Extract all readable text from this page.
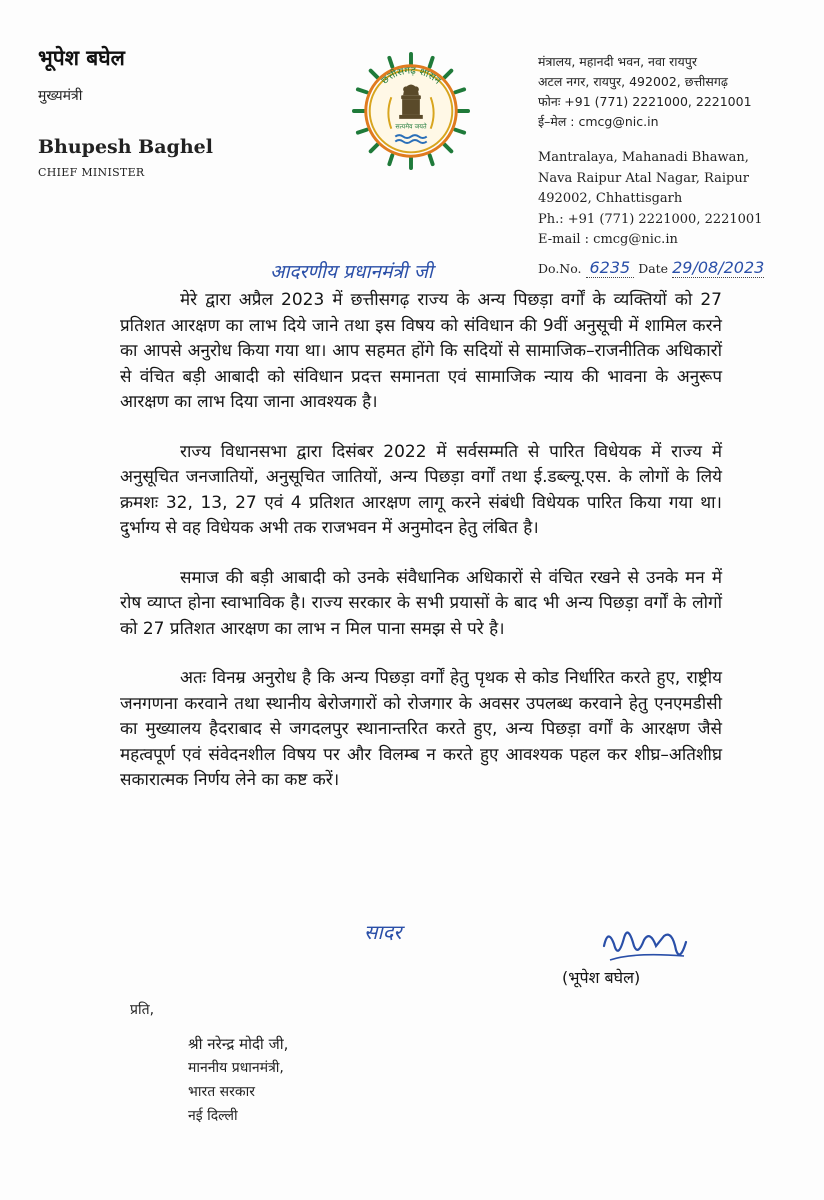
भूपेश बघेल
मुख्यमंत्री
Bhupesh Baghel
CHIEF MINISTER
छत्तीसगढ़ शासन
सत्यमेव जयते
मंत्रालय, महानदी भवन, नवा रायपुर
अटल नगर, रायपुर, 492002, छत्तीसगढ़
फोनः +91 (771) 2221000, 2221001
ई–मेल : cmcg@nic.in
Mantralaya, Mahanadi Bhawan,
Nava Raipur Atal Nagar, Raipur
492002, Chhattisgarh
Ph.: +91 (771) 2221000, 2221001
E-mail : cmcg@nic.in
Do.No. 6235 Date 29/08/2023
आदरणीय प्रधानमंत्री जी

मेरे द्वारा अप्रैल 2023 में छत्तीसगढ़ राज्य के अन्य पिछड़ा वर्गों के व्यक्तियों को 27 प्रतिशत आरक्षण का लाभ दिये जाने तथा इस विषय को संविधान की 9वीं अनुसूची में शामिल करने का आपसे अनुरोध किया गया था। आप सहमत होंगे कि सदियों से सामाजिक–राजनीतिक अधिकारों से वंचित बड़ी आबादी को संविधान प्रदत्त समानता एवं सामाजिक न्याय की भावना के अनुरूप आरक्षण का लाभ दिया जाना आवश्यक है।

राज्य विधानसभा द्वारा दिसंबर 2022 में सर्वसम्मति से पारित विधेयक में राज्य में अनुसूचित जनजातियों, अनुसूचित जातियों, अन्य पिछड़ा वर्गों तथा ई.डब्ल्यू.एस. के लोगों के लिये क्रमशः 32, 13, 27 एवं 4 प्रतिशत आरक्षण लागू करने संबंधी विधेयक पारित किया गया था। दुर्भाग्य से वह विधेयक अभी तक राजभवन में अनुमोदन हेतु लंबित है।

समाज की बड़ी आबादी को उनके संवैधानिक अधिकारों से वंचित रखने से उनके मन में रोष व्याप्त होना स्वाभाविक है। राज्य सरकार के सभी प्रयासों के बाद भी अन्य पिछड़ा वर्गों के लोगों को 27 प्रतिशत आरक्षण का लाभ न मिल पाना समझ से परे है।

अतः विनम्र अनुरोध है कि अन्य पिछड़ा वर्गों हेतु पृथक से कोड निर्धारित करते हुए, राष्ट्रीय जनगणना करवाने तथा स्थानीय बेरोजगारों को रोजगार के अवसर उपलब्ध करवाने हेतु एनएमडीसी का मुख्यालय हैदराबाद से जगदलपुर स्थानान्तरित करते हुए, अन्य पिछड़ा वर्गों के आरक्षण जैसे महत्वपूर्ण एवं संवेदनशील विषय पर और विलम्ब न करते हुए आवश्यक पहल कर शीघ्र–अतिशीघ्र सकारात्मक निर्णय लेने का कष्ट करें।

सादर
(भूपेश बघेल)
प्रति,
श्री नरेन्द्र मोदी जी,
माननीय प्रधानमंत्री,
भारत सरकार
नई दिल्ली
